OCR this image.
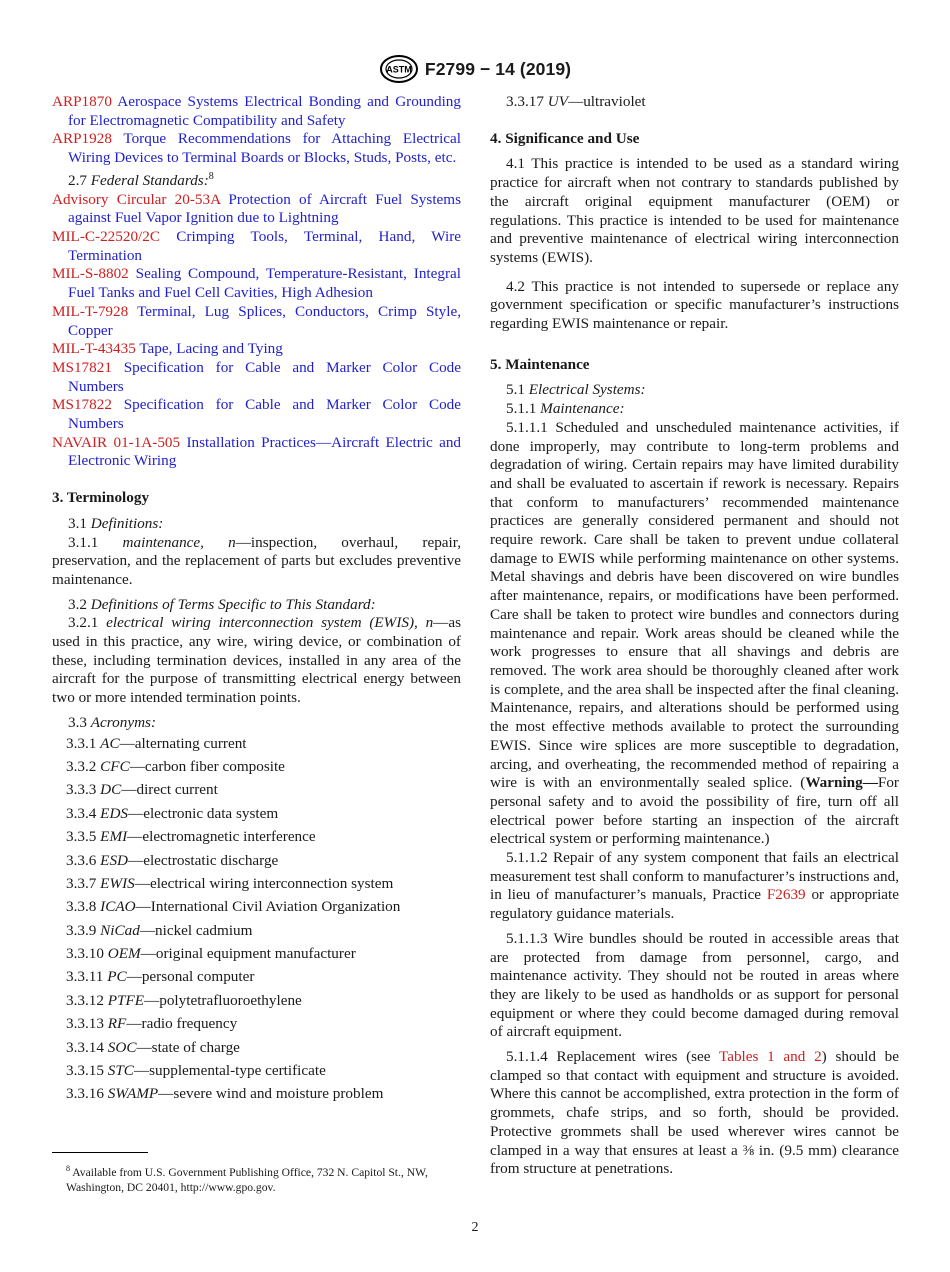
ASTM F2799 − 14 (2019)

ARP1870 Aerospace Systems Electrical Bonding and Grounding for Electromagnetic Compatibility and Safety

ARP1928 Torque Recommendations for Attaching Electrical Wiring Devices to Terminal Boards or Blocks, Studs, Posts, etc.

2.7 Federal Standards:$^8$

Advisory Circular 20-53A Protection of Aircraft Fuel Systems against Fuel Vapor Ignition due to Lightning

MIL-C-22520/2C Crimping Tools, Terminal, Hand, Wire Termination

MIL-S-8802 Sealing Compound, Temperature-Resistant, Integral Fuel Tanks and Fuel Cell Cavities, High Adhesion

MIL-T-7928 Terminal, Lug Splices, Conductors, Crimp Style, Copper

MIL-T-43435 Tape, Lacing and Tying

MS17821 Specification for Cable and Marker Color Code Numbers

MS17822 Specification for Cable and Marker Color Code Numbers

NAVAIR 01-1A-505 Installation Practices—Aircraft Electric and Electronic Wiring

3. Terminology

3.1 Definitions:

3.1.1 maintenance, n—inspection, overhaul, repair, preservation, and the replacement of parts but excludes preventive maintenance.

3.2 Definitions of Terms Specific to This Standard:

3.2.1 electrical wiring interconnection system (EWIS), n—as used in this practice, any wire, wiring device, or combination of these, including termination devices, installed in any area of the aircraft for the purpose of transmitting electrical energy between two or more intended termination points.

3.3 Acronyms:

3.3.1 AC—alternating current

3.3.2 CFC—carbon fiber composite

3.3.3 DC—direct current

3.3.4 EDS—electronic data system

3.3.5 EMI—electromagnetic interference

3.3.6 ESD—electrostatic discharge

3.3.7 EWIS—electrical wiring interconnection system

3.3.8 ICAO—International Civil Aviation Organization

3.3.9 NiCad—nickel cadmium

3.3.10 OEM—original equipment manufacturer

3.3.11 PC—personal computer

3.3.12 PTFE—polytetrafluoroethylene

3.3.13 RF—radio frequency

3.3.14 SOC—state of charge

3.3.15 STC—supplemental-type certificate

3.3.16 SWAMP—severe wind and moisture problem

$^8$ Available from U.S. Government Publishing Office, 732 N. Capitol St., NW, Washington, DC 20401, http://www.gpo.gov.

3.3.17 UV—ultraviolet

4. Significance and Use

4.1 This practice is intended to be used as a standard wiring practice for aircraft when not contrary to standards published by the aircraft original equipment manufacturer (OEM) or regulations. This practice is intended to be used for maintenance and preventive maintenance of electrical wiring interconnection systems (EWIS).

4.2 This practice is not intended to supersede or replace any government specification or specific manufacturer’s instructions regarding EWIS maintenance or repair.

5. Maintenance

5.1 Electrical Systems:

5.1.1 Maintenance:

5.1.1.1 Scheduled and unscheduled maintenance activities, if done improperly, may contribute to long-term problems and degradation of wiring. Certain repairs may have limited durability and shall be evaluated to ascertain if rework is necessary. Repairs that conform to manufacturers’ recommended maintenance practices are generally considered permanent and should not require rework. Care shall be taken to prevent undue collateral damage to EWIS while performing maintenance on other systems. Metal shavings and debris have been discovered on wire bundles after maintenance, repairs, or modifications have been performed. Care shall be taken to protect wire bundles and connectors during maintenance and repair. Work areas should be cleaned while the work progresses to ensure that all shavings and debris are removed. The work area should be thoroughly cleaned after work is complete, and the area shall be inspected after the final cleaning. Maintenance, repairs, and alterations should be performed using the most effective methods available to protect the surrounding EWIS. Since wire splices are more susceptible to degradation, arcing, and overheating, the recommended method of repairing a wire is with an environmentally sealed splice. (Warning—For personal safety and to avoid the possibility of fire, turn off all electrical power before starting an inspection of the aircraft electrical system or performing maintenance.)

5.1.1.2 Repair of any system component that fails an electrical measurement test shall conform to manufacturer’s instructions and, in lieu of manufacturer’s manuals, Practice F2639 or appropriate regulatory guidance materials.

5.1.1.3 Wire bundles should be routed in accessible areas that are protected from damage from personnel, cargo, and maintenance activity. They should not be routed in areas where they are likely to be used as handholds or as support for personal equipment or where they could become damaged during removal of aircraft equipment.

5.1.1.4 Replacement wires (see Tables 1 and 2) should be clamped so that contact with equipment and structure is avoided. Where this cannot be accomplished, extra protection in the form of grommets, chafe strips, and so forth, should be provided. Protective grommets shall be used wherever wires cannot be clamped in a way that ensures at least a ⅜ in. (9.5 mm) clearance from structure at penetrations.

2
